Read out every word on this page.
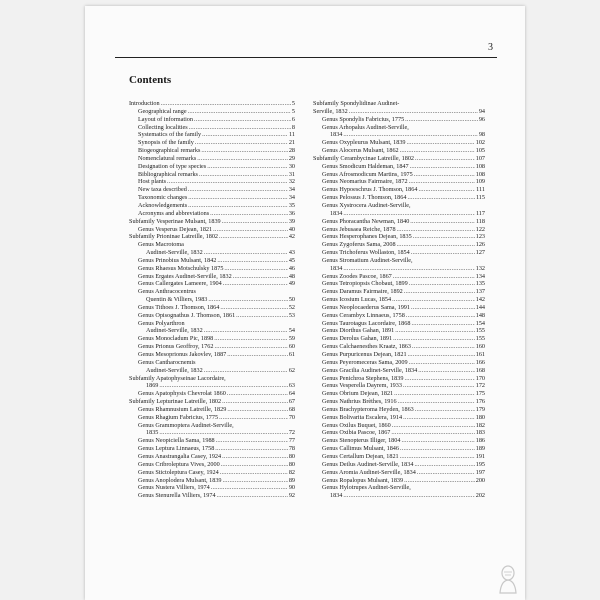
3
Contents
Introduction .....	5
Geographical range .....	5
Layout of information .....	6
Collecting localities .....	8
Systematics of the family .....	11
Synopsis of the family .....	21
Biogeographical remarks .....	28
Nomenclatural remarks .....	29
Designation of type species .....	30
Bibliographical remarks .....	31
Host plants .....	32
New taxa described .....	34
Taxonomic changes .....	34
Acknowledgements .....	35
Acronyms and abbreviations .....	36
Subfamily Vesperinae Mulsant, 1839 .....	39
Genus Vesperus Dejean, 1821 .....	40
Subfamily Prioninae Latreille, 1802 .....	42
Genus Macrotoma
Audinet-Serville, 1832 .....	43
Genus Prinobius Mulsant, 1842 .....	45
Genus Rhaesus Motschulsky 1875 .....	46
Genus Ergates Audinet-Serville, 1832 .....	48
Genus Callergates Lameere, 1904 .....	49
Genus Anthracocentrus
Quentin & Villiers, 1983 .....	50
Genus Tithoes J. Thomson, 1864 .....	52
Genus Opisognathus J. Thomson, 1861 .....	53
Genus Polyarthron
Audinet-Serville, 1832 .....	54
Genus Monocladum Pic, 1898 .....	59
Genus Prionus Geoffroy, 1762 .....	60
Genus Mesoprionus Jakovlev, 1887 .....	61
Genus Cantharocnemis
Audinet-Serville, 1832 .....	62
Subfamily Apatophyseinae Lacordaire,
1869 .....	63
Genus Apatophysis Chevrolat 1860 .....	64
Subfamily Lepturinae Latreille, 1802 .....	67
Genus Rhamnusium Latreille, 1829 .....	68
Genus Rhagium Fabricius, 1775 .....	70
Genus Grammoptera Audinet-Serville,
1835 .....	72
Genus Neopiciella Sama, 1988 .....	77
Genus Leptura Linnaeus, 1758 .....	78
Genus Anastrangalia Casey, 1924 .....	80
Genus Cribroleptura Vives, 2000 .....	80
Genus Stictoleptura Casey, 1924 .....	82
Genus Anoplodera Mulsant, 1839 .....	89
Genus Nustera Villiers, 1974 .....	90
Genus Stenurella Villiers, 1974 .....	92
Subfamily Spondylidinae Audinet-
Serville, 1832 .....	94
Genus Spondylis Fabricius, 1775 .....	96
Genus Arhopalus Audinet-Serville,
1834 .....	98
Genus Oxypleurus Mulsant, 1839 .....	102
Genus Alocerus Mulsant, 1862 .....	105
Subfamily Cerambycinae Latreille, 1802 .....	107
Genus Smodicum Haldeman, 1847 .....	108
Genus Afrosmodicum Martins, 1975 .....	108
Genus Neomarius Fairmaire, 1872 .....	109
Genus Hypoeschrus J. Thomson, 1864 .....	111
Genus Pelossus J. Thomson, 1864 .....	115
Genus Xystrocera Audinet-Serville,
1834 .....	117
Genus Phoracantha Newman, 1840 .....	118
Genus Jebusaea Reiche, 1878 .....	122
Genus Hesperophanes Dejean, 1835 .....	123
Genus Zygoferus Sama, 2008 .....	126
Genus Trichoferus Wollaston, 1854 .....	127
Genus Stromatium Audinet-Serville,
1834 .....	132
Genus Zoodes Pascoe, 1867 .....	134
Genus Tetropiopsis Chobaut, 1899 .....	135
Genus Daramus Fairmaire, 1892 .....	137
Genus Icosium Lucas, 1854 .....	142
Genus Neoplocaederus Sama, 1991 .....	144
Genus Cerambyx Linnaeus, 1758 .....	148
Genus Taurotagus Lacordaire, 1868 .....	154
Genus Diorthus Gahan, 1891 .....	155
Genus Derolus Gahan, 1891 .....	155
Genus Calchaenesthes Kraatz, 1863 .....	160
Genus Purpuricenus Dejean, 1821 .....	161
Genus Peyeromeceras Sama, 2009 .....	166
Genus Gracilia Audinet-Serville, 1834 .....	168
Genus Penichroa Stephens, 1839 .....	170
Genus Vesperella Dayrem, 1933 .....	172
Genus Obrium Dejean, 1821 .....	175
Genus Nathrius Brèthes, 1916 .....	176
Genus Brachypteroma Heyden, 1863 .....	179
Genus Bolivarita Escalera, 1914 .....	180
Genus Oxilus Buquet, 1860 .....	182
Genus Oxibia Pascoe, 1867 .....	183
Genus Stenopterus Illiger, 1804 .....	186
Genus Callimus Mulsant, 1846 .....	189
Genus Certallum Dejean, 1821 .....	191
Genus Deilus Audinet-Serville, 1834 .....	195
Genus Aromia Audinet-Serville, 1834 .....	197
Genus Ropalopus Mulsant, 1839 .....	200
Genus Hylotrupes Audinet-Serville,
1834 .....	202
